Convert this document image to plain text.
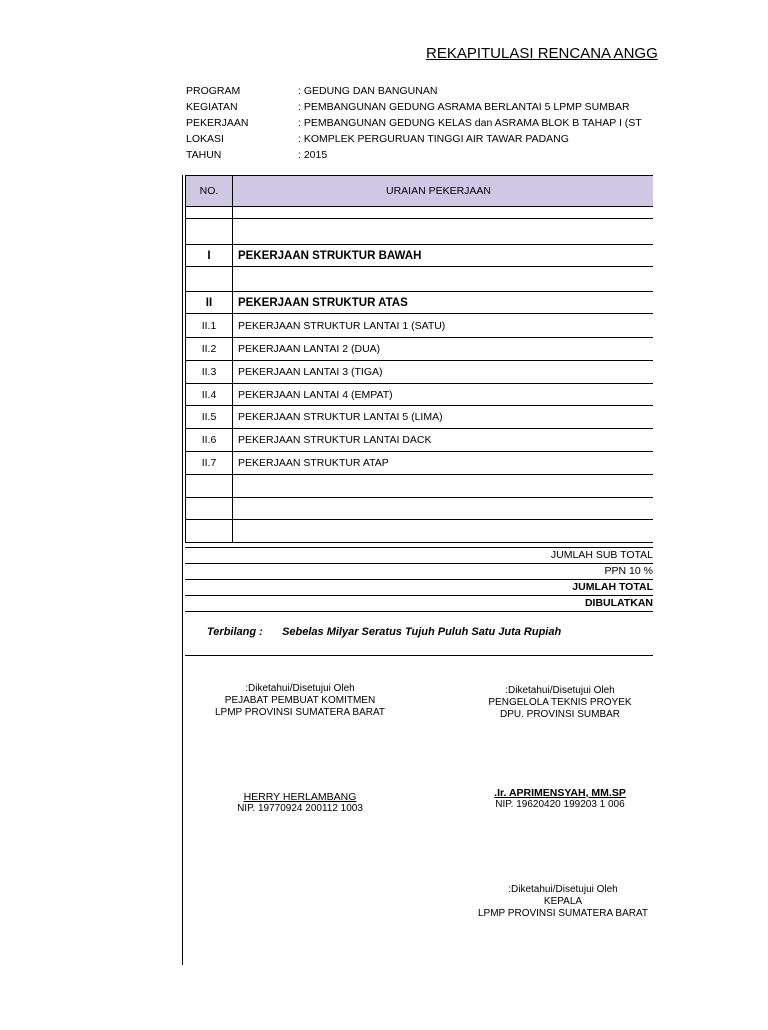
REKAPITULASI RENCANA ANGG
PROGRAM	: GEDUNG DAN BANGUNAN
KEGIATAN	: PEMBANGUNAN GEDUNG ASRAMA BERLANTAI 5 LPMP SUMBAR
PEKERJAAN	: PEMBANGUNAN GEDUNG KELAS dan ASRAMA BLOK B TAHAP I (ST
LOKASI	: KOMPLEK PERGURUAN TINGGI AIR TAWAR PADANG
TAHUN	: 2015
NO.	URAIAN PEKERJAAN

I	PEKERJAAN STRUKTUR BAWAH

II	PEKERJAAN STRUKTUR ATAS
II.1	PEKERJAAN STRUKTUR LANTAI 1 (SATU)
II.2	PEKERJAAN LANTAI 2 (DUA)
II.3	PEKERJAAN LANTAI 3 (TIGA)
II.4	PEKERJAAN LANTAI 4 (EMPAT)
II.5	PEKERJAAN STRUKTUR LANTAI 5 (LIMA)
II.6	PEKERJAAN STRUKTUR LANTAI DACK
II.7	PEKERJAAN STRUKTUR ATAP

JUMLAH SUB TOTAL
PPN 10 %
JUMLAH TOTAL
DIBULATKAN
Terbilang : Sebelas Milyar Seratus Tujuh Puluh Satu Juta Rupiah
:Diketahui/Disetujui Oleh
PEJABAT PEMBUAT KOMITMEN
LPMP PROVINSI SUMATERA BARAT
HERRY HERLAMBANG
NIP. 19770924 200112 1003
:Diketahui/Disetujui Oleh
PENGELOLA TEKNIS PROYEK
DPU. PROVINSI SUMBAR
.Ir. APRIMENSYAH, MM.SP
NIP. 19620420 199203 1 006
:Diketahui/Disetujui Oleh
KEPALA
LPMP PROVINSI SUMATERA BARAT
